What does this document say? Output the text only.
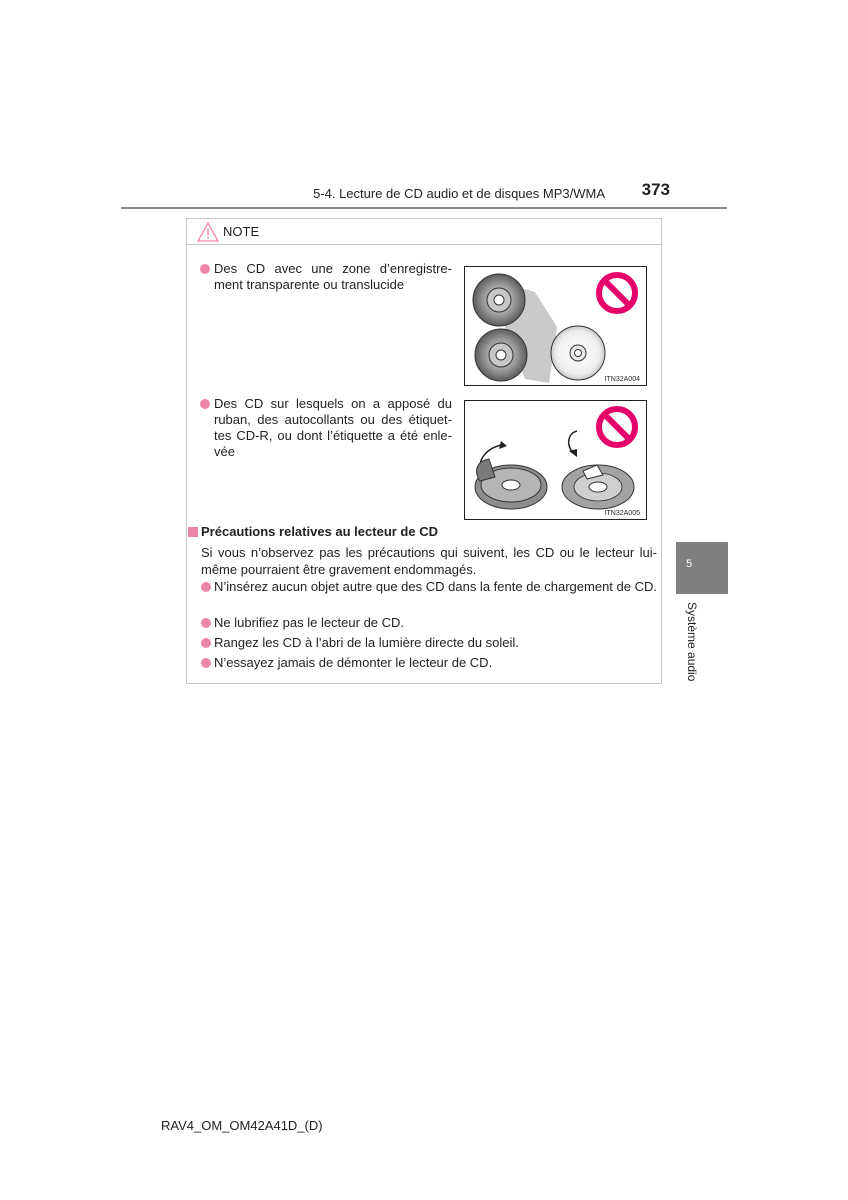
5-4. Lecture de CD audio et de disques MP3/WMA	373
5
Système audio
NOTE
Des CD avec une zone d’enregistre-ment transparente ou translucide
ITN32A004
Des CD sur lesquels on a apposé du ruban, des autocollants ou des étiquet-tes CD-R, ou dont l’étiquette a été enle-vée
ITN32A005
Précautions relatives au lecteur de CD
Si vous n’observez pas les précautions qui suivent, les CD ou le lecteur lui-même pourraient être gravement endommagés.
N’insérez aucun objet autre que des CD dans la fente de chargement de CD.
Ne lubrifiez pas le lecteur de CD.
Rangez les CD à l’abri de la lumière directe du soleil.
N’essayez jamais de démonter le lecteur de CD.
RAV4_OM_OM42A41D_(D)
